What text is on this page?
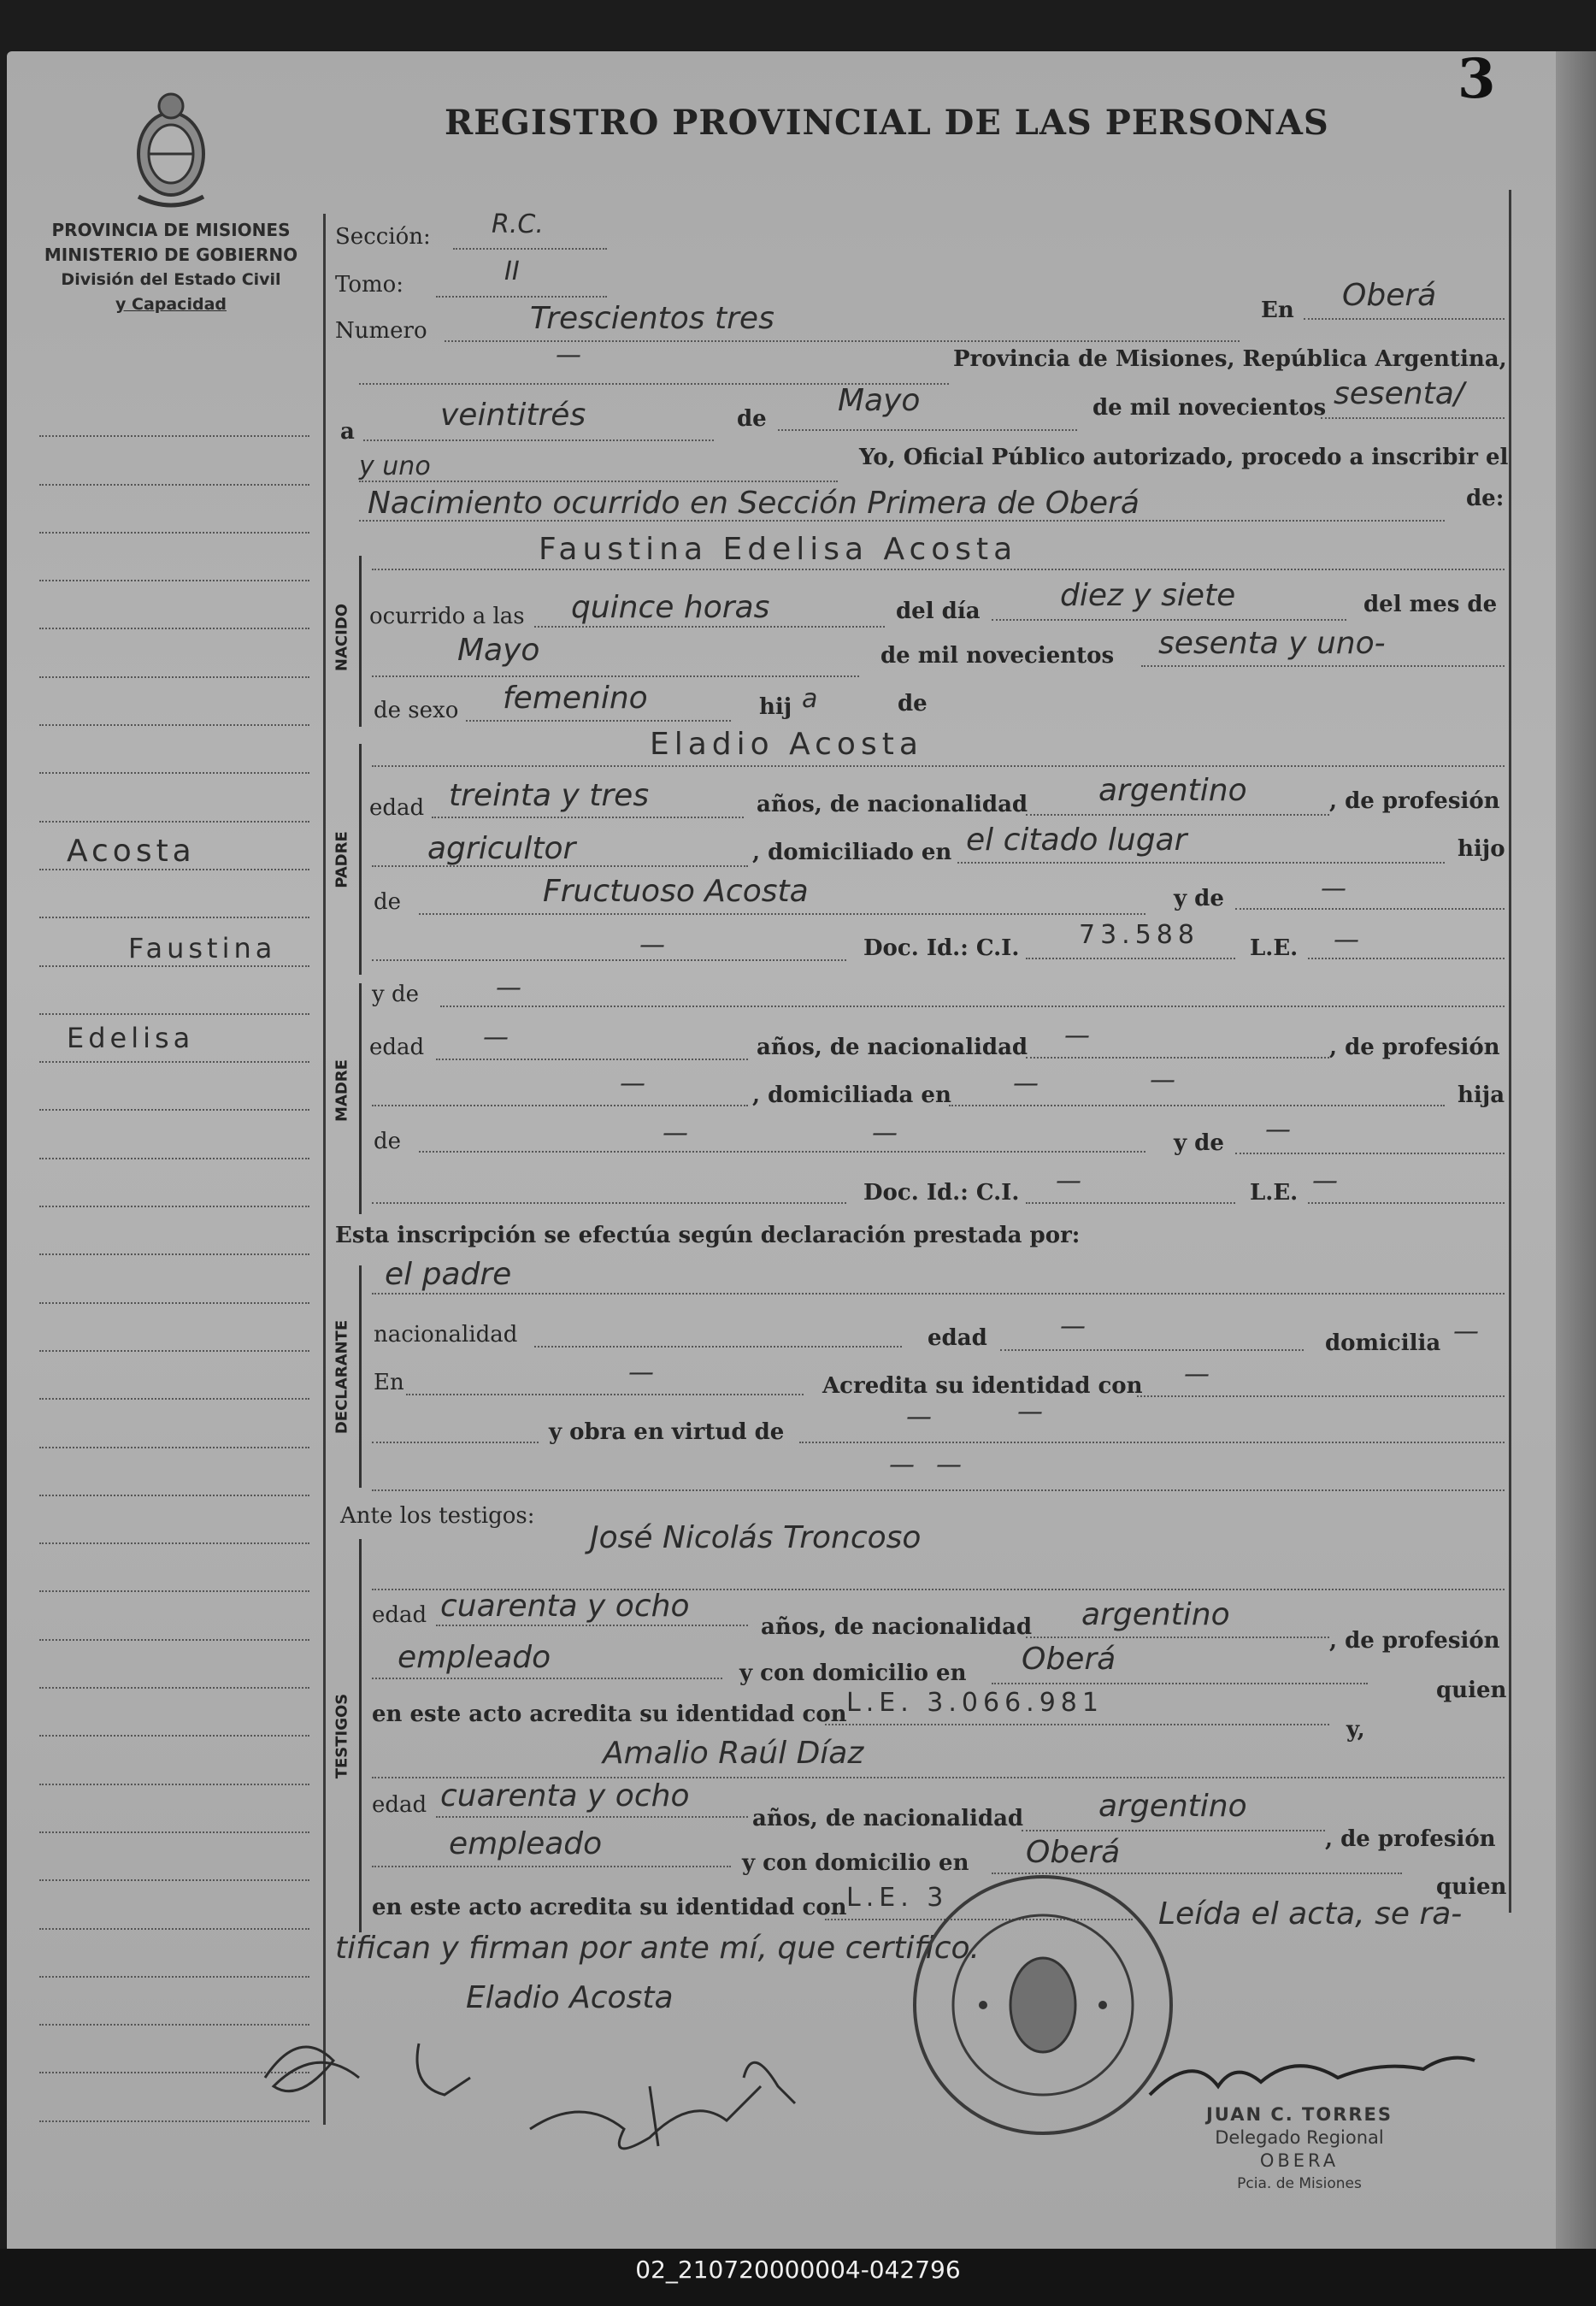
3
REGISTRO PROVINCIAL DE LAS PERSONAS
PROVINCIA DE MISIONES
MINISTERIO DE GOBIERNO
División del Estado Civil
y Capacidad
Acosta
Faustina
Edelisa
NACIDO
PADRE
MADRE
DECLARANTE
TESTIGOS
Sección: R.C.
Tomo:	II
Numero	Trescientos tres	En Oberá
—	Provincia de Misiones, República Argentina,
a	veintitrés	de
Mayo	de mil novecientos sesenta/
y uno	Yo, Oficial Público autorizado, procedo a inscribir el
Nacimiento ocurrido en Sección Primera de Oberá	de:
Faustina Edelisa Acosta
ocurrido a las quince horas	del día	diez y siete	del mes de
Mayo	de mil novecientos sesenta y uno-
de sexo femenino	hij a	de
Eladio Acosta
edad treinta y tres	años, de nacionalidad argentino	, de profesión
agricultor	, domiciliado en el citado lugar	hijo
de	Fructuoso Acosta	y de	—
—	Doc. Id.: C.I. 73.588 L.E. —
y de	—
edad —	años, de nacionalidad —	, de profesión
—	, domiciliada en —	—	hija
de	—	—	y de —
Doc. Id.: C.I. —	L.E. —
Esta inscripción se efectúa según declaración prestada por:
el padre
nacionalidad	edad	—
domicilia —
En	—	Acredita su identidad con —
y obra en virtud de	—	—
— —
Ante los testigos:
José Nicolás Troncoso
edad cuarenta y ocho
años, de nacionalidad argentino
, de profesión
empleado	y con domicilio en Oberá
quien
en este acto acredita su identidad con L.E. 3.066.981
y,
Amalio Raúl Díaz
edad cuarenta y ocho
años, de nacionalidad argentino
, de profesión
empleado
y con domicilio en Oberá
quien
en este acto acredita su identidad con L.E. 3	Leída el acta, se ra-
tifican y firman por ante mí, que certifico.
Eladio Acosta
JUAN C. TORRES
Delegado Regional
OBERA
Pcia. de Misiones
02_210720000004-042796
